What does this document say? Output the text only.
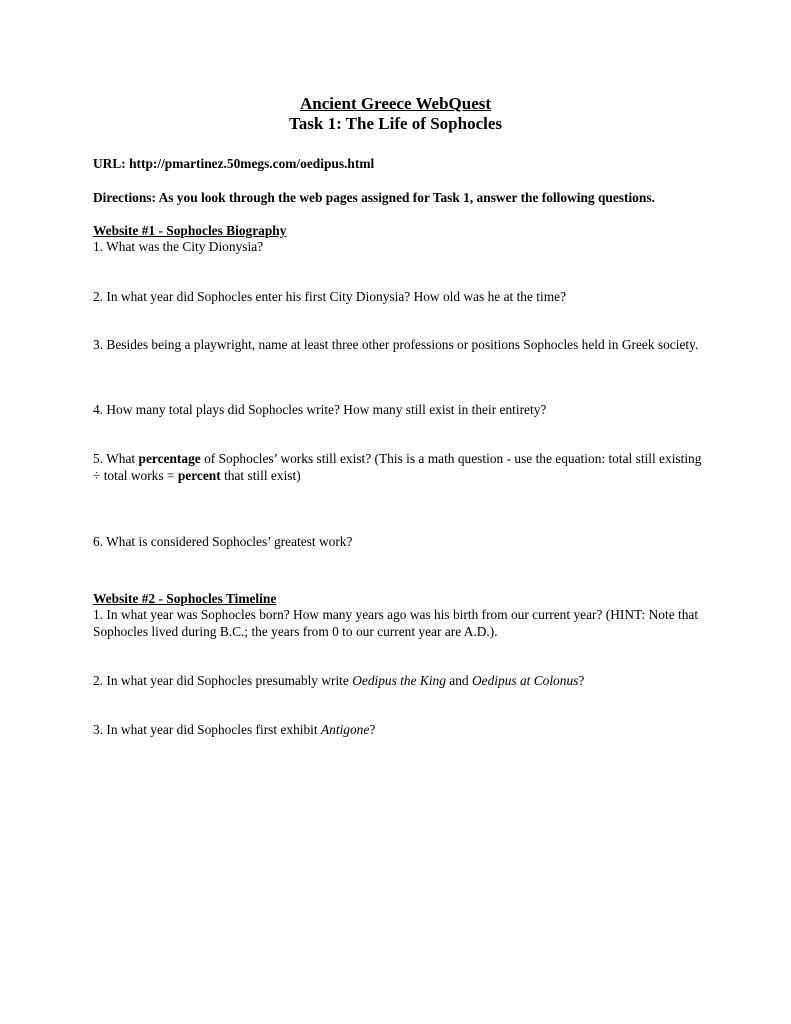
Ancient Greece WebQuest
Task 1: The Life of Sophocles
URL: http://pmartinez.50megs.com/oedipus.html
Directions: As you look through the web pages assigned for Task 1, answer the following questions.
Website #1 - Sophocles Biography
1. What was the City Dionysia?
2. In what year did Sophocles enter his first City Dionysia? How old was he at the time?
3. Besides being a playwright, name at least three other professions or positions Sophocles held in Greek society.
4. How many total plays did Sophocles write? How many still exist in their entirety?
5. What percentage of Sophocles’ works still exist? (This is a math question - use the equation: total still existing ÷ total works = percent that still exist)
6. What is considered Sophocles’ greatest work?
Website #2 - Sophocles Timeline
1. In what year was Sophocles born? How many years ago was his birth from our current year? (HINT: Note that Sophocles lived during B.C.; the years from 0 to our current year are A.D.).
2. In what year did Sophocles presumably write Oedipus the King and Oedipus at Colonus?
3. In what year did Sophocles first exhibit Antigone?
